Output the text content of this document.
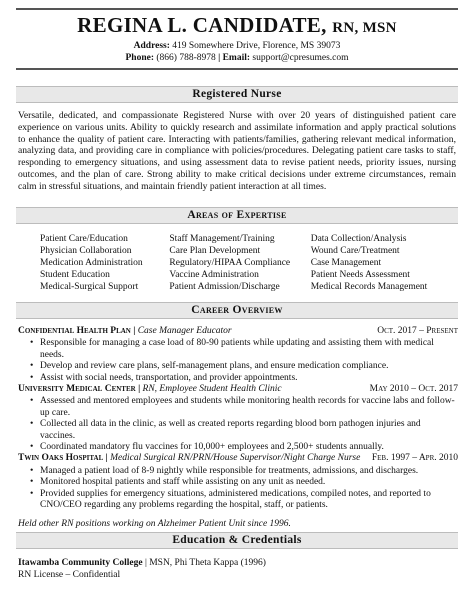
REGINA L. CANDIDATE, RN, MSN
Address: 419 Somewhere Drive, Florence, MS 39073
Phone: (866) 788-8978 | Email: support@cpresumes.com
Registered Nurse
Versatile, dedicated, and compassionate Registered Nurse with over 20 years of distinguished patient care experience on various units. Ability to quickly research and assimilate information and apply practical solutions to enhance the quality of patient care. Interacting with patients/families, gathering relevant medical information, analyzing data, and providing care in compliance with policies/procedures. Delegating patient care tasks to staff, responding to emergency situations, and using assessment data to revise patient needs, priority issues, nursing outcomes, and the plan of care. Strong ability to make critical decisions under extreme circumstances, remain calm in stressful situations, and maintain friendly patient interaction at all times.
Areas of Expertise
Patient Care/Education
Physician Collaboration
Medication Administration
Student Education
Medical-Surgical Support
Staff Management/Training
Care Plan Development
Regulatory/HIPAA Compliance
Vaccine Administration
Patient Admission/Discharge
Data Collection/Analysis
Wound Care/Treatment
Case Management
Patient Needs Assessment
Medical Records Management
Career Overview
Confidential Health Plan | Case Manager Educator	Oct. 2017 – Present
• Responsible for managing a case load of 80-90 patients while updating and assisting them with medical needs.
• Develop and review care plans, self-management plans, and ensure medication compliance.
• Assist with social needs, transportation, and provider appointments.
University Medical Center | RN, Employee Student Health Clinic	May 2010 – Oct. 2017
• Assessed and mentored employees and students while monitoring health records for vaccine labs and follow-up care.
• Collected all data in the clinic, as well as created reports regarding blood born pathogen injuries and vaccines.
• Coordinated mandatory flu vaccines for 10,000+ employees and 2,500+ students annually.
Twin Oaks Hospital | Medical Surgical RN/PRN/House Supervisor/Night Charge Nurse Feb. 1997 – Apr. 2010
• Managed a patient load of 8-9 nightly while responsible for treatments, admissions, and discharges.
• Monitored hospital patients and staff while assisting on any unit as needed.
• Provided supplies for emergency situations, administered medications, compiled notes, and reported to CNO/CEO regarding any problems regarding the hospital, staff, or patients.
Held other RN positions working on Alzheimer Patient Unit since 1996.
Education & Credentials
Itawamba Community College | MSN, Phi Theta Kappa (1996)
RN License – Confidential
